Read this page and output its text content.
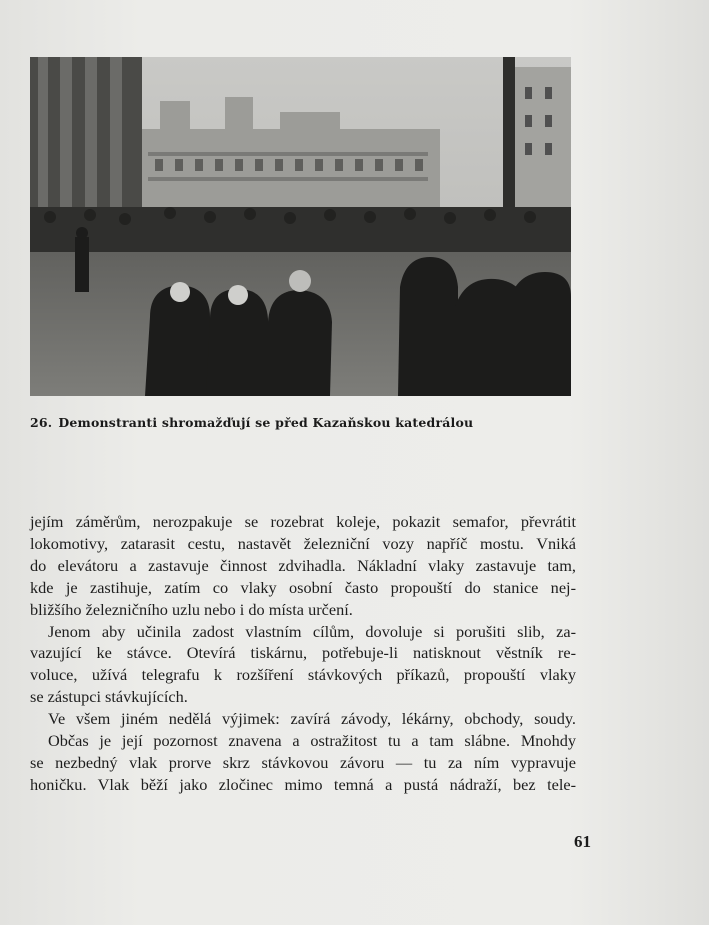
26. Demonstranti shromažďují se před Kazaňskou katedrálou
jejím záměrům, nerozpakuje se rozebrat koleje, pokazit semafor, převrátit
lokomotivy, zatarasit cestu, nastavět železniční vozy napříč mostu. Vniká
do elevátoru a zastavuje činnost zdvihadla. Nákladní vlaky zastavuje tam,
kde je zastihuje, zatím co vlaky osobní často propouští do stanice nej-
bližšího železničního uzlu nebo i do místa určení.
Jenom aby učinila zadost vlastním cílům, dovoluje si porušiti slib, za-
vazující ke stávce. Otevírá tiskárnu, potřebuje-li natisknout věstník re-
voluce, užívá telegrafu k rozšíření stávkových příkazů, propouští vlaky
se zástupci stávkujících.
Ve všem jiném nedělá výjimek: zavírá závody, lékárny, obchody, soudy.
Občas je její pozornost znavena a ostražitost tu a tam slábne. Mnohdy
se nezbedný vlak prorve skrz stávkovou závoru — tu za ním vypravuje
honičku. Vlak běží jako zločinec mimo temná a pustá nádraží, bez tele-
61
